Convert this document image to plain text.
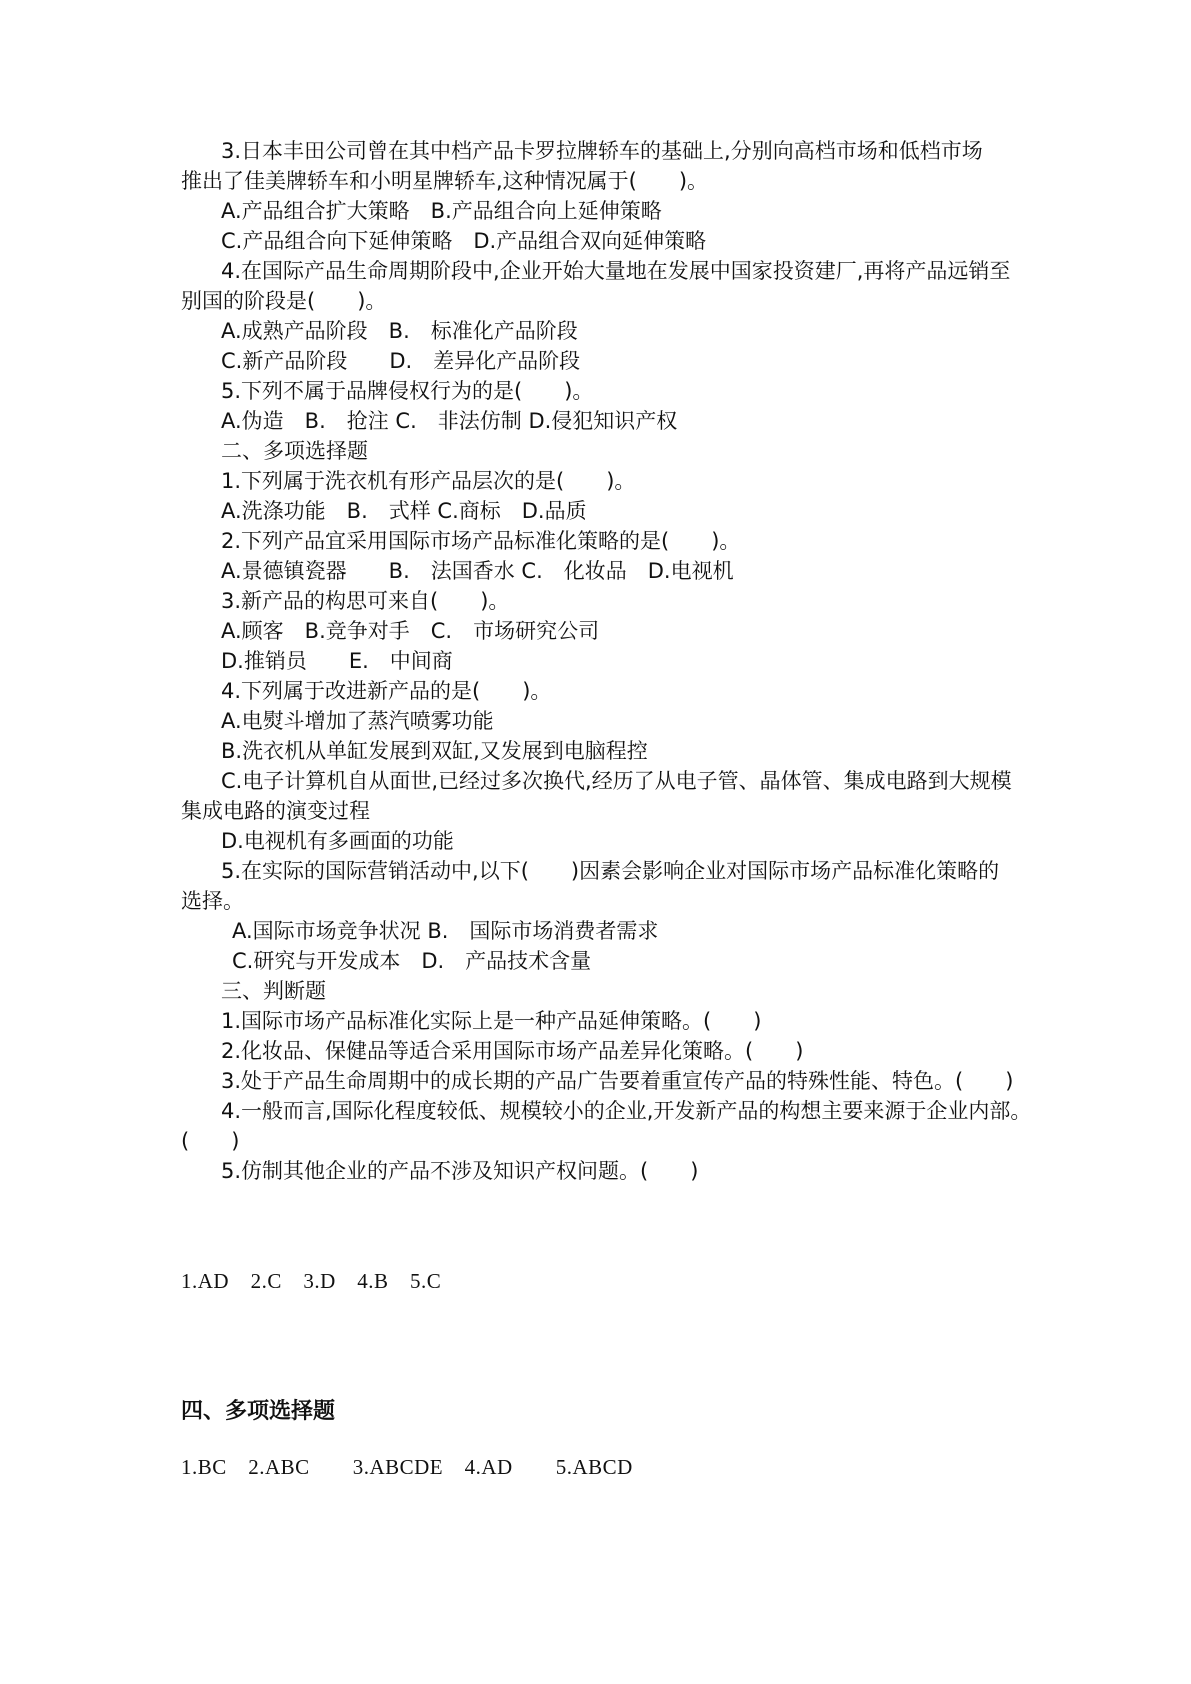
3.日本丰田公司曾在其中档产品卡罗拉牌轿车的基础上,分别向高档市场和低档市场

推出了佳美牌轿车和小明星牌轿车,这种情况属于(　　)。

A.产品组合扩大策略　B.产品组合向上延伸策略

C.产品组合向下延伸策略　D.产品组合双向延伸策略

4.在国际产品生命周期阶段中,企业开始大量地在发展中国家投资建厂,再将产品远销至

别国的阶段是(　　)。

A.成熟产品阶段　B.　标准化产品阶段

C.新产品阶段　　D.　差异化产品阶段

5.下列不属于品牌侵权行为的是(　　)。

A.伪造　B.　抢注 C.　非法仿制 D.侵犯知识产权

二、多项选择题

1.下列属于洗衣机有形产品层次的是(　　)。

A.洗涤功能　B.　式样 C.商标　D.品质

2.下列产品宜采用国际市场产品标准化策略的是(　　)。

A.景德镇瓷器　　B.　法国香水 C.　化妆品　D.电视机

3.新产品的构思可来自(　　)。

A.顾客　B.竞争对手　C.　市场研究公司

D.推销员　　E.　中间商

4.下列属于改进新产品的是(　　)。

A.电熨斗增加了蒸汽喷雾功能

B.洗衣机从单缸发展到双缸,又发展到电脑程控

C.电子计算机自从面世,已经过多次换代,经历了从电子管、晶体管、集成电路到大规模

集成电路的演变过程

D.电视机有多画面的功能

5.在实际的国际营销活动中,以下(　　)因素会影响企业对国际市场产品标准化策略的

选择。

A.国际市场竞争状况 B.　国际市场消费者需求

C.研究与开发成本　D.　产品技术含量

三、判断题

1.国际市场产品标准化实际上是一种产品延伸策略。(　　)

2.化妆品、保健品等适合采用国际市场产品差异化策略。(　　)

3.处于产品生命周期中的成长期的产品广告要着重宣传产品的特殊性能、特色。(　　)

4.一般而言,国际化程度较低、规模较小的企业,开发新产品的构想主要来源于企业内部。

(　　)

5.仿制其他企业的产品不涉及知识产权问题。(　　)

1.AD　2.C　3.D　4.B　5.C

四、多项选择题

1.BC　2.ABC　　3.ABCDE　4.AD　　5.ABCD
